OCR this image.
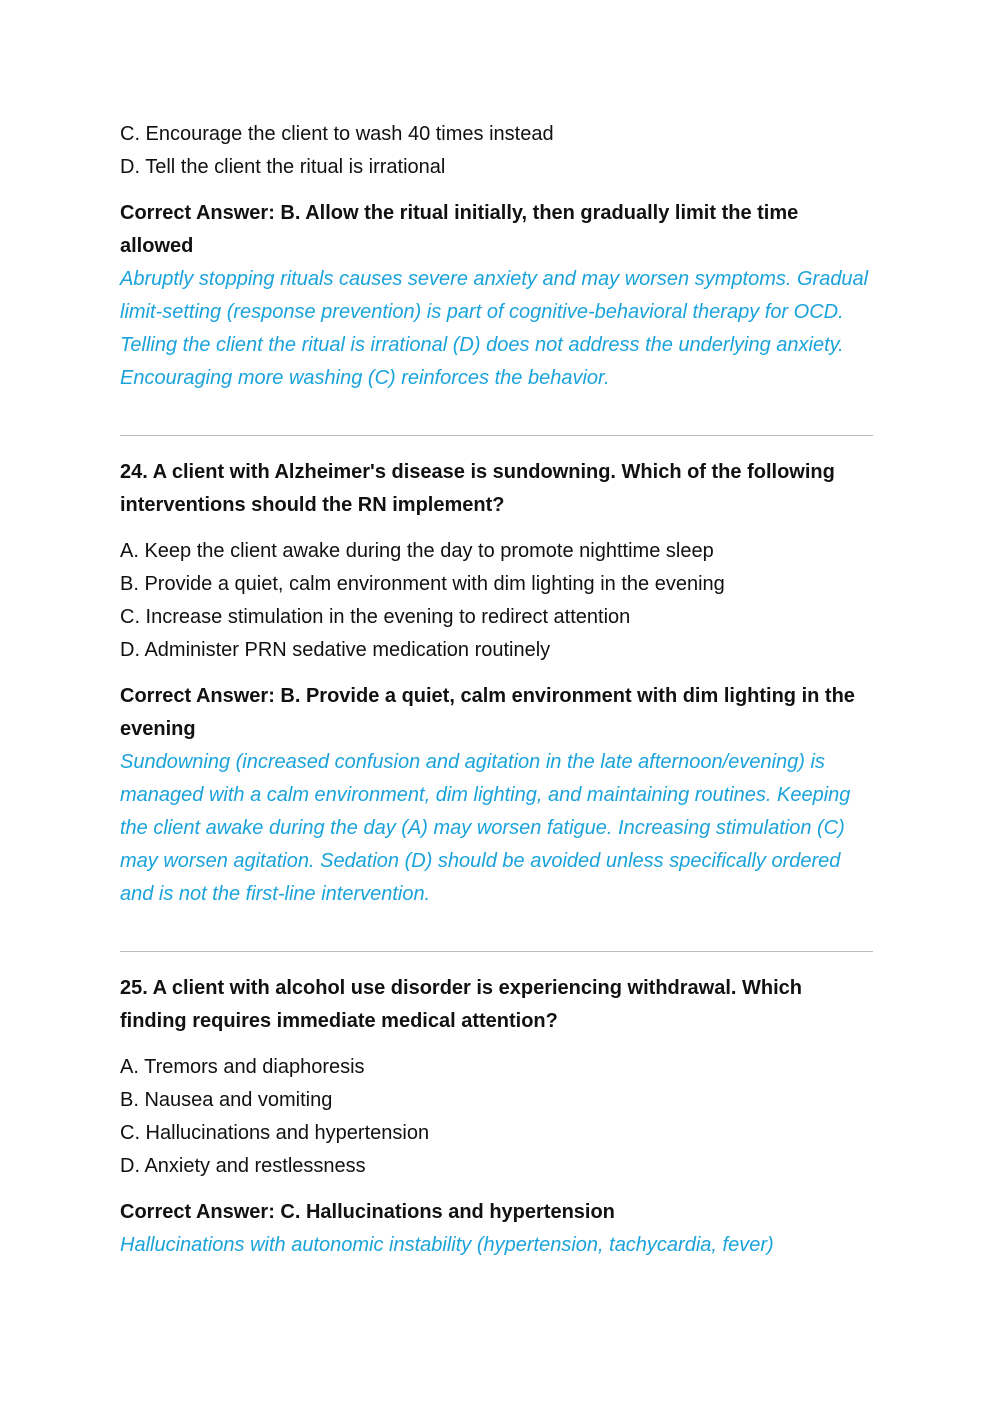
C. Encourage the client to wash 40 times instead
D. Tell the client the ritual is irrational
Correct Answer: B. Allow the ritual initially, then gradually limit the time allowed
Abruptly stopping rituals causes severe anxiety and may worsen symptoms. Gradual limit-setting (response prevention) is part of cognitive-behavioral therapy for OCD. Telling the client the ritual is irrational (D) does not address the underlying anxiety. Encouraging more washing (C) reinforces the behavior.
24. A client with Alzheimer's disease is sundowning. Which of the following interventions should the RN implement?
A. Keep the client awake during the day to promote nighttime sleep
B. Provide a quiet, calm environment with dim lighting in the evening
C. Increase stimulation in the evening to redirect attention
D. Administer PRN sedative medication routinely
Correct Answer: B. Provide a quiet, calm environment with dim lighting in the evening
Sundowning (increased confusion and agitation in the late afternoon/evening) is managed with a calm environment, dim lighting, and maintaining routines. Keeping the client awake during the day (A) may worsen fatigue. Increasing stimulation (C) may worsen agitation. Sedation (D) should be avoided unless specifically ordered and is not the first-line intervention.
25. A client with alcohol use disorder is experiencing withdrawal. Which finding requires immediate medical attention?
A. Tremors and diaphoresis
B. Nausea and vomiting
C. Hallucinations and hypertension
D. Anxiety and restlessness
Correct Answer: C. Hallucinations and hypertension
Hallucinations with autonomic instability (hypertension, tachycardia, fever)
